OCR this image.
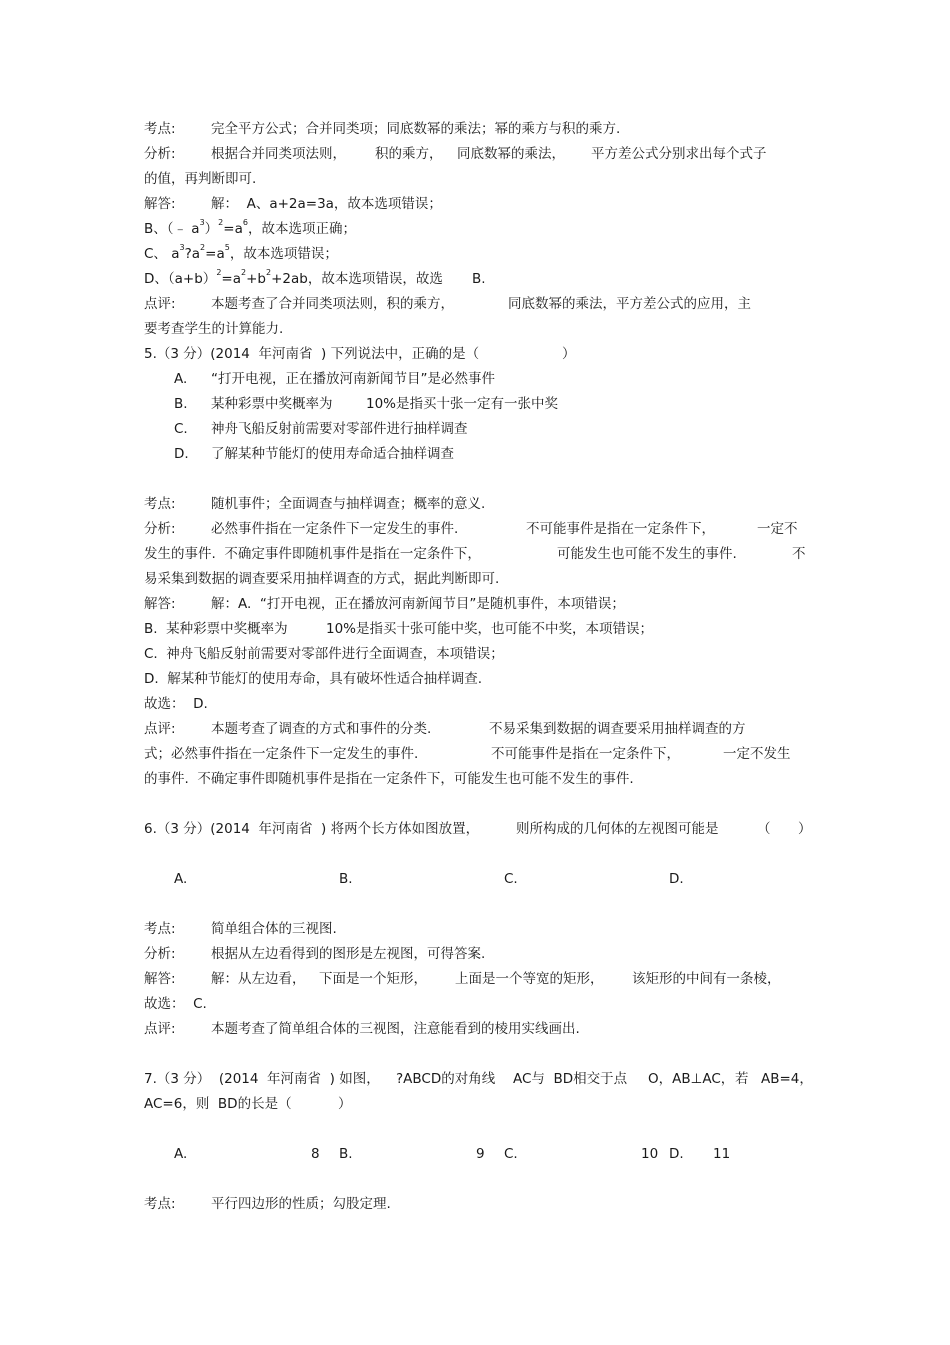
考点:	完全平方公式；合并同类项；同底数幂的乘法；幂的乘方与积的乘方.
分析:	根据合并同类项法则， 积的乘方， 同底数幂的乘法， 平方差公式分别求出每个式子
的值，再判断即可.
解答:	解：  A、a+2a=3a，故本选项错误；
B、（﹣ $a^3)^2=a^6$，故本选项正确；
C、 $a^3?a^2=a^5$，故本选项错误；
D、$(a+b)^2=a^2+b^2+2ab$，故本选项错误，故选 B.
点评:	本题考查了合并同类项法则，积的乘方，	同底数幂的乘法，平方差公式的应用，主
要考查学生的计算能力.
5.（3 分）(2014  年河南省  ) 下列说法中，正确的是（	）
A. “打开电视，正在播放河南新闻节目”是必然事件
B. 某种彩票中奖概率为 10%是指买十张一定有一张中奖
C. 神舟飞船反射前需要对零部件进行抽样调查
D. 了解某种节能灯的使用寿命适合抽样调查
考点:	随机事件；全面调查与抽样调查；概率的意义.
分析:	必然事件指在一定条件下一定发生的事件.	不可能事件是指在一定条件下，	一定不
发生的事件.  不确定事件即随机事件是指在一定条件下，	可能发生也可能不发生的事件.	不
易采集到数据的调查要采用抽样调查的方式，据此判断即可.
解答:	解：A.  “打开电视，正在播放河南新闻节目”是随机事件，本项错误；
B.  某种彩票中奖概率为	10%是指买十张可能中奖，也可能不中奖，本项错误；
C.  神舟飞船反射前需要对零部件进行全面调查，本项错误；
D.  解某种节能灯的使用寿命，具有破坏性适合抽样调查.
故选：  D.
点评:	本题考查了调查的方式和事件的分类.	不易采集到数据的调查要采用抽样调查的方
式；必然事件指在一定条件下一定发生的事件.	不可能事件是指在一定条件下，	一定不发生
的事件.  不确定事件即随机事件是指在一定条件下，可能发生也可能不发生的事件.
6.（3 分）(2014  年河南省  ) 将两个长方体如图放置，	则所构成的几何体的左视图可能是	（ ）
A.	B.	C.	D.
考点:	简单组合体的三视图.
分析:	根据从左边看得到的图形是左视图，可得答案.
解答:	解：从左边看， 下面是一个矩形， 上面是一个等宽的矩形， 该矩形的中间有一条棱，
故选：  C.
点评:	本题考查了简单组合体的三视图，注意能看到的棱用实线画出.
7.（3 分）  (2014  年河南省  ) 如图， ?ABCD的对角线 AC与  BD相交于点 O，AB⊥AC， 若 AB=4，
AC=6，则  BD的长是（	）
A.	8 B.	9 C.	10 D. 11
考点:	平行四边形的性质；勾股定理.
